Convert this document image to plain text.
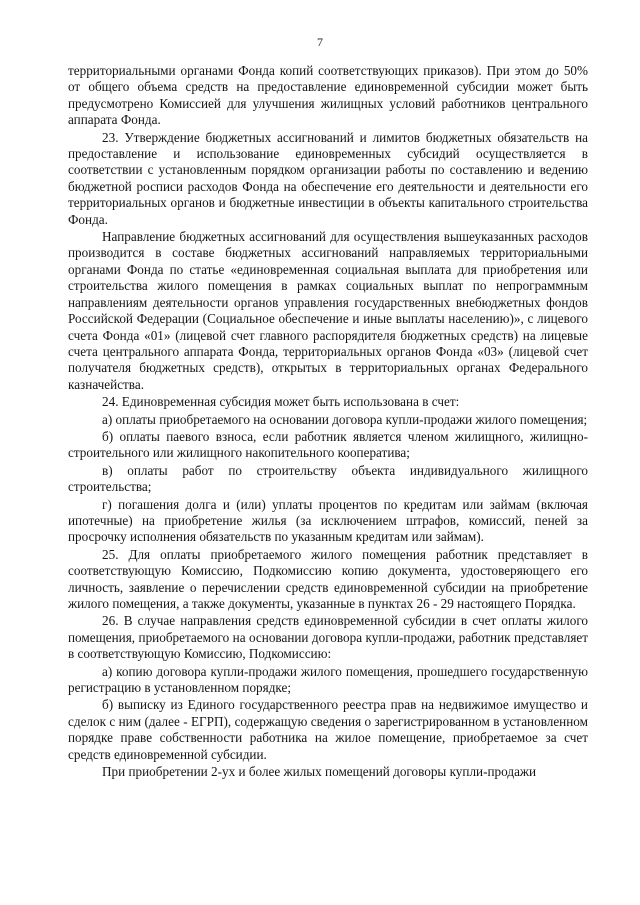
7

территориальными органами Фонда копий соответствующих приказов). При этом до 50% от общего объема средств на предоставление единовременной субсидии может быть предусмотрено Комиссией для улучшения жилищных условий работников центрального аппарата Фонда.

23. Утверждение бюджетных ассигнований и лимитов бюджетных обязательств на предоставление и использование единовременных субсидий осуществляется в соответствии с установленным порядком организации работы по составлению и ведению бюджетной росписи расходов Фонда на обеспечение его деятельности и деятельности его территориальных органов и бюджетные инвестиции в объекты капитального строительства Фонда.

Направление бюджетных ассигнований для осуществления вышеуказанных расходов производится в составе бюджетных ассигнований направляемых территориальными органами Фонда по статье «единовременная социальная выплата для приобретения или строительства жилого помещения в рамках социальных выплат по непрограммным направлениям деятельности органов управления государственных внебюджетных фондов Российской Федерации (Социальное обеспечение и иные выплаты населению)», с лицевого счета Фонда «01» (лицевой счет главного распорядителя бюджетных средств) на лицевые счета центрального аппарата Фонда, территориальных органов Фонда «03» (лицевой счет получателя бюджетных средств), открытых в территориальных органах Федерального казначейства.

24. Единовременная субсидия может быть использована в счет:

а) оплаты приобретаемого на основании договора купли-продажи жилого помещения;

б) оплаты паевого взноса, если работник является членом жилищного, жилищно-строительного или жилищного накопительного кооператива;

в) оплаты работ по строительству объекта индивидуального жилищного строительства;

г) погашения долга и (или) уплаты процентов по кредитам или займам (включая ипотечные) на приобретение жилья (за исключением штрафов, комиссий, пеней за просрочку исполнения обязательств по указанным кредитам или займам).

25. Для оплаты приобретаемого жилого помещения работник представляет в соответствующую Комиссию, Подкомиссию копию документа, удостоверяющего его личность, заявление о перечислении средств единовременной субсидии на приобретение жилого помещения, а также документы, указанные в пунктах 26 - 29 настоящего Порядка.

26. В случае направления средств единовременной субсидии в счет оплаты жилого помещения, приобретаемого на основании договора купли-продажи, работник представляет в соответствующую Комиссию, Подкомиссию:

а) копию договора купли-продажи жилого помещения, прошедшего государственную регистрацию в установленном порядке;

б) выписку из Единого государственного реестра прав на недвижимое имущество и сделок с ним (далее - ЕГРП), содержащую сведения о зарегистрированном в установленном порядке праве собственности работника на жилое помещение, приобретаемое за счет средств единовременной субсидии.

При приобретении 2-ух и более жилых помещений договоры купли-продажи
